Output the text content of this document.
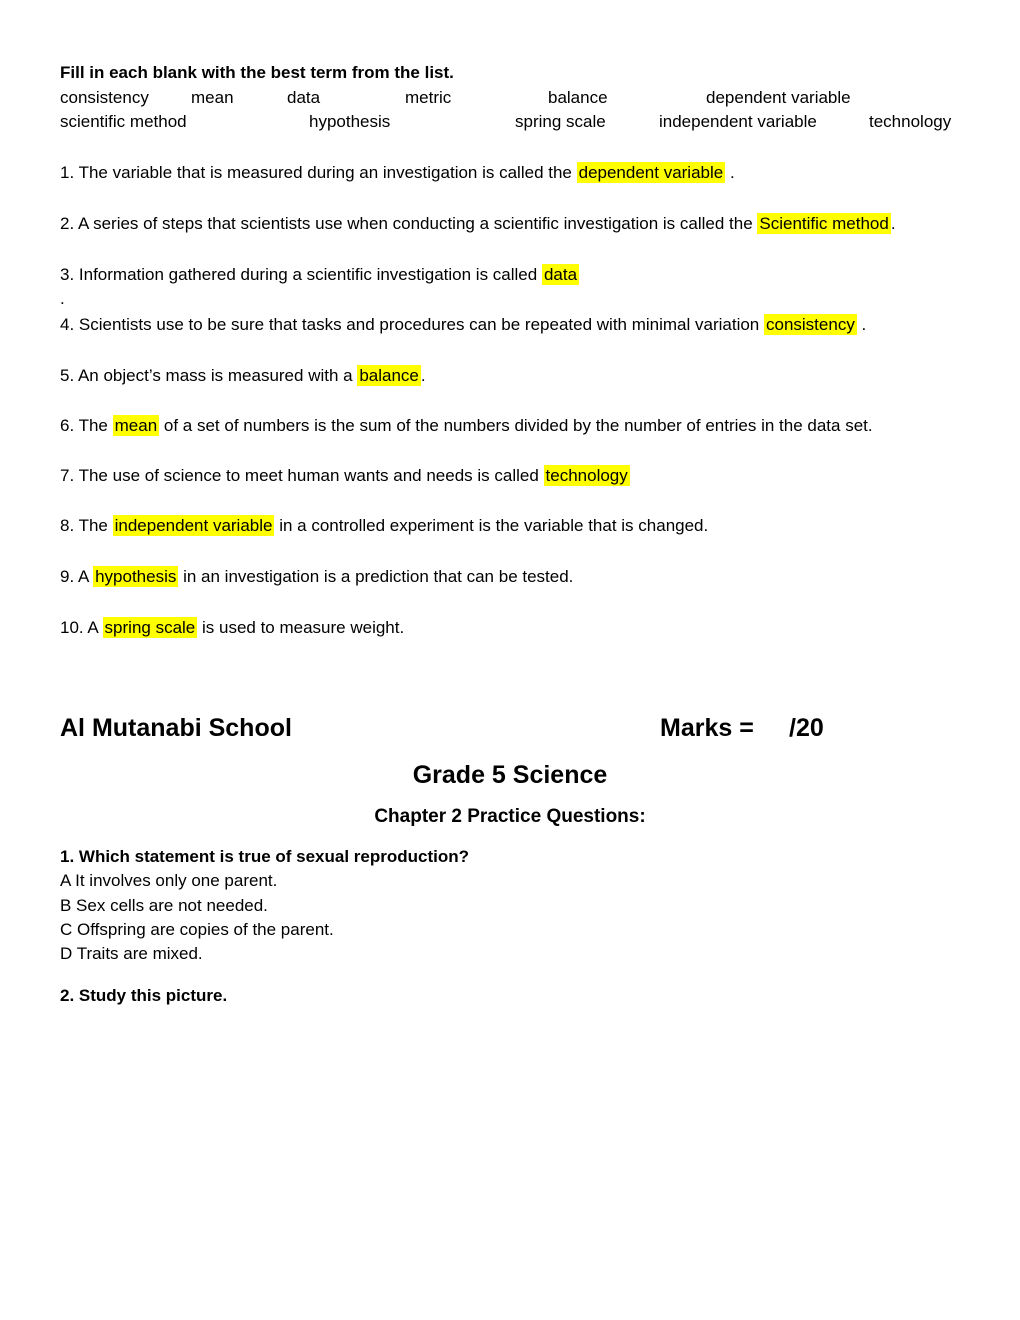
Fill in each blank with the best term from the list.
consistency mean	data	metric	balance	dependent variable
scientific method	hypothesis	spring scale	independent variable	technology
1. The variable that is measured during an investigation is called the dependent variable .
2. A series of steps that scientists use when conducting a scientific investigation is called the Scientific method .
3. Information gathered during a scientific investigation is called data
.
4. Scientists use to be sure that tasks and procedures can be repeated with minimal variation consistency .
5. An object’s mass is measured with a balance .
6. The mean of a set of numbers is the sum of the numbers divided by the number of entries in the data set.
7. The use of science to meet human wants and needs is called technology
8. The independent variable in a controlled experiment is the variable that is changed.
9. A hypothesis in an investigation is a prediction that can be tested.
10. A spring scale is used to measure weight.
Al Mutanabi School	Marks = /20
Grade 5 Science
Chapter 2 Practice Questions:
1. Which statement is true of sexual reproduction?
A It involves only one parent.
B Sex cells are not needed.
C Offspring are copies of the parent.
D Traits are mixed.
2. Study this picture.
